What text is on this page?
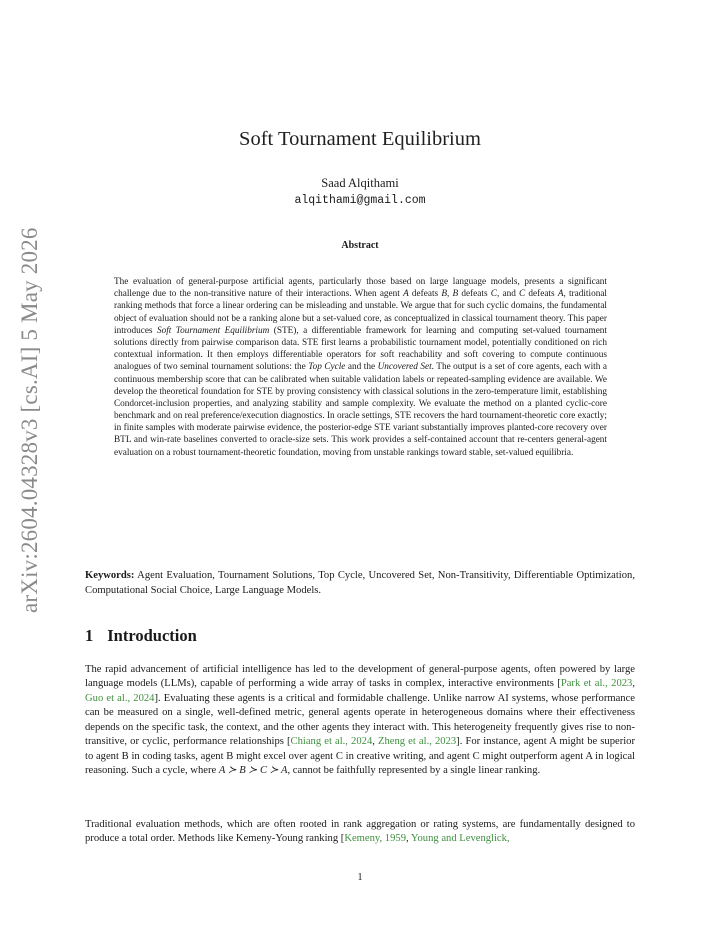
arXiv:2604.04328v3 [cs.AI] 5 May 2026
Soft Tournament Equilibrium
Saad Alqithami
alqithami@gmail.com
Abstract
The evaluation of general-purpose artificial agents, particularly those based on large language models, presents a significant challenge due to the non-transitive nature of their interactions. When agent A defeats B, B defeats C, and C defeats A, traditional ranking methods that force a linear ordering can be misleading and unstable. We argue that for such cyclic domains, the fundamental object of evaluation should not be a ranking alone but a set-valued core, as conceptualized in classical tournament theory. This paper introduces Soft Tournament Equilibrium (STE), a differentiable framework for learning and computing set-valued tournament solutions directly from pairwise comparison data. STE first learns a probabilistic tournament model, potentially conditioned on rich contextual information. It then employs differentiable operators for soft reachability and soft covering to compute continuous analogues of two seminal tournament solutions: the Top Cycle and the Uncovered Set. The output is a set of core agents, each with a continuous membership score that can be calibrated when suitable validation labels or repeated-sampling evidence are available. We develop the theoretical foundation for STE by proving consistency with classical solutions in the zero-temperature limit, establishing Condorcet-inclusion properties, and analyzing stability and sample complexity. We evaluate the method on a planted cyclic-core benchmark and on real preference/execution diagnostics. In oracle settings, STE recovers the hard tournament-theoretic core exactly; in finite samples with moderate pairwise evidence, the posterior-edge STE variant substantially improves planted-core recovery over BTL and win-rate baselines converted to oracle-size sets. This work provides a self-contained account that re-centers general-agent evaluation on a robust tournament-theoretic foundation, moving from unstable rankings toward stable, set-valued equilibria.
Keywords: Agent Evaluation, Tournament Solutions, Top Cycle, Uncovered Set, Non-Transitivity, Differentiable Optimization, Computational Social Choice, Large Language Models.
1 Introduction
The rapid advancement of artificial intelligence has led to the development of general-purpose agents, often powered by large language models (LLMs), capable of performing a wide array of tasks in complex, interactive environments [Park et al., 2023, Guo et al., 2024]. Evaluating these agents is a critical and formidable challenge. Unlike narrow AI systems, whose performance can be measured on a single, well-defined metric, general agents operate in heterogeneous domains where their effectiveness depends on the specific task, the context, and the other agents they interact with. This heterogeneity frequently gives rise to non-transitive, or cyclic, performance relationships [Chiang et al., 2024, Zheng et al., 2023]. For instance, agent A might be superior to agent B in coding tasks, agent B might excel over agent C in creative writing, and agent C might outperform agent A in logical reasoning. Such a cycle, where A ≻ B ≻ C ≻ A, cannot be faithfully represented by a single linear ranking.
Traditional evaluation methods, which are often rooted in rank aggregation or rating systems, are fundamentally designed to produce a total order. Methods like Kemeny-Young ranking [Kemeny, 1959, Young and Levenglick,
1
